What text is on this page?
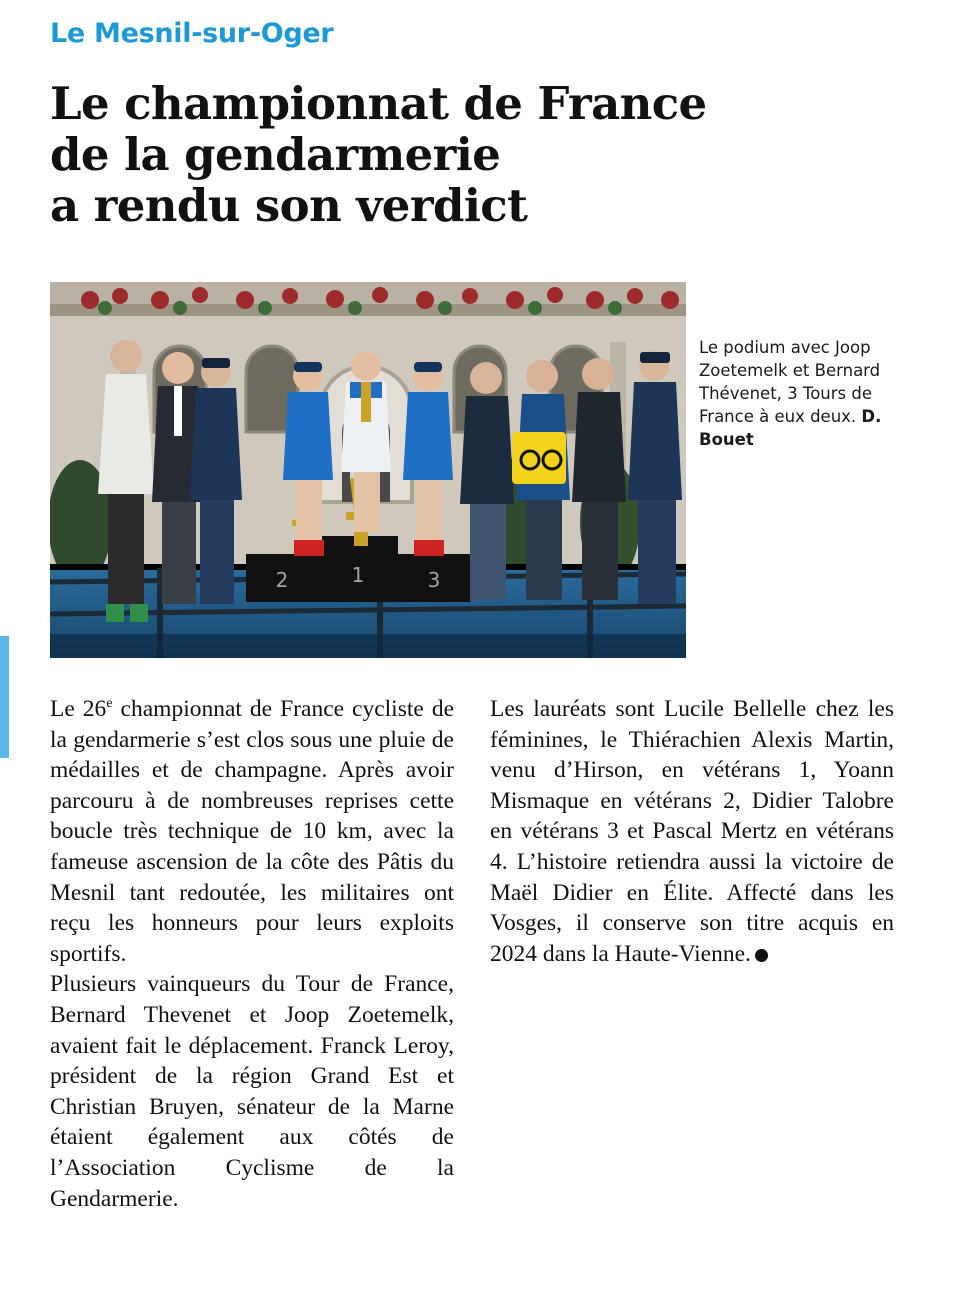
Le Mesnil-sur-Oger
Le championnat de France
de la gendarmerie
a rendu son verdict
2	1	3
Le podium avec Joop Zoetemelk et Bernard Thévenet, 3 Tours de France à eux deux. D. Bouet

Le 26e championnat de France cycliste de la gendarmerie s’est clos sous une pluie de médailles et de champagne. Après avoir parcouru à de nombreuses reprises cette boucle très technique de 10 km, avec la fameuse ascension de la côte des Pâtis du Mesnil tant redoutée, les militaires ont reçu les honneurs pour leurs exploits sportifs.

Plusieurs vainqueurs du Tour de France, Bernard Thevenet et Joop Zoetemelk, avaient fait le déplacement. Franck Leroy, président de la région Grand Est et Christian Bruyen, sénateur de la Marne étaient également aux côtés de l’Association Cyclisme de la Gendarmerie.

Les lauréats sont Lucile Bellelle chez les féminines, le Thiérachien Alexis Martin, venu d’Hirson, en vétérans 1, Yoann Mismaque en vétérans 2, Didier Talobre en vétérans 3 et Pascal Mertz en vétérans 4. L’histoire retiendra aussi la victoire de Maël Didier en Élite. Affecté dans les Vosges, il conserve son titre acquis en 2024 dans la Haute-Vienne.
